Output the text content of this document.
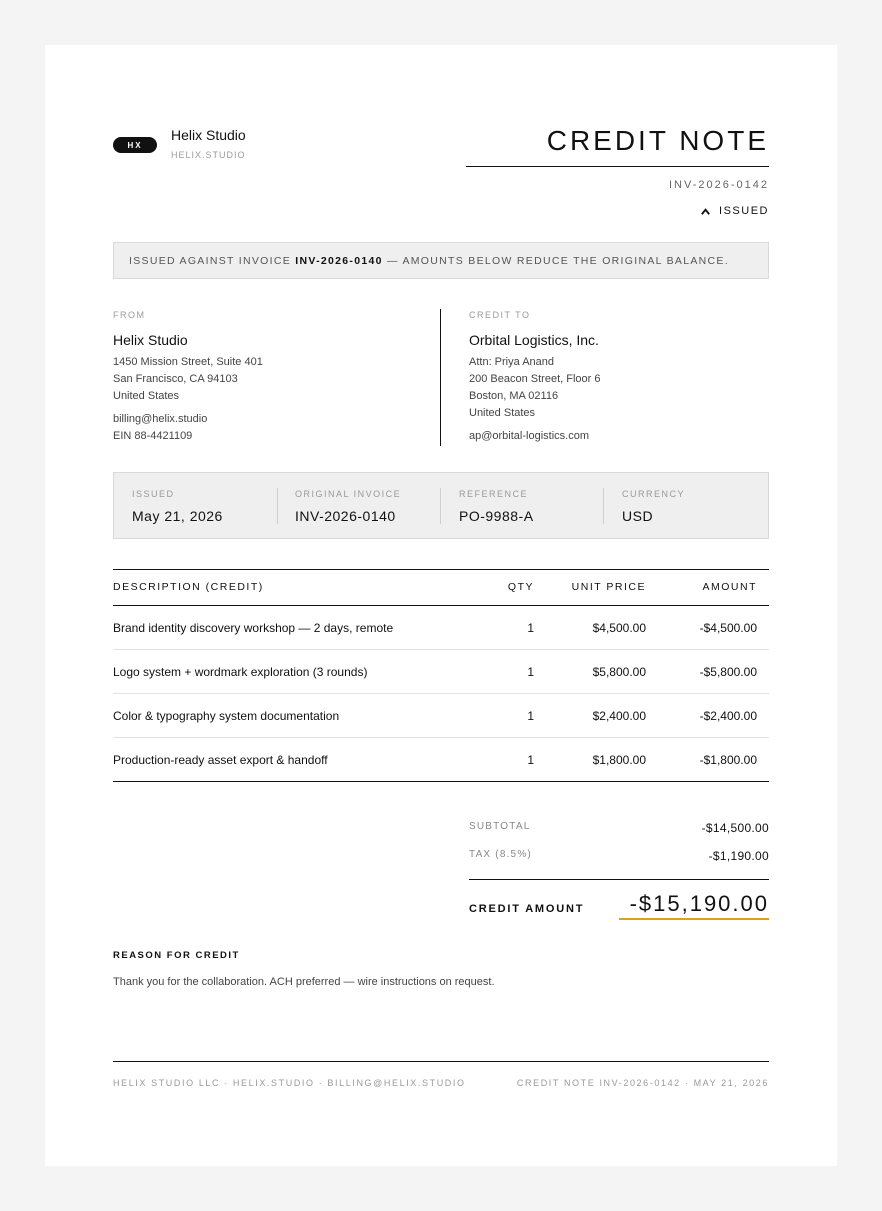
HX
Helix Studio
HELIX.STUDIO	CREDIT NOTE
INV-2026-0142
ISSUED
ISSUED AGAINST INVOICE INV-2026-0140 — AMOUNTS BELOW REDUCE THE ORIGINAL BALANCE.
FROM
Helix Studio
1450 Mission Street, Suite 401
San Francisco, CA 94103
United States
billing@helix.studio
EIN 88-4421109
CREDIT TO
Orbital Logistics, Inc.
Attn: Priya Anand
200 Beacon Street, Floor 6
Boston, MA 02116
United States
ap@orbital-logistics.com
ISSUED
May 21, 2026
ORIGINAL INVOICE
INV-2026-0140
REFERENCE
PO-9988-A
CURRENCY
USD
DESCRIPTION (CREDIT)	QTY	UNIT PRICE	AMOUNT
Brand identity discovery workshop — 2 days, remote	1	$4,500.00	-$4,500.00
Logo system + wordmark exploration (3 rounds)	1	$5,800.00	-$5,800.00
Color & typography system documentation	1	$2,400.00	-$2,400.00
Production-ready asset export & handoff	1	$1,800.00	-$1,800.00
SUBTOTAL	-$14,500.00
TAX (8.5%)	-$1,190.00
CREDIT AMOUNT -$15,190.00
REASON FOR CREDIT
Thank you for the collaboration. ACH preferred — wire instructions on request.
HELIX STUDIO LLC · HELIX.STUDIO · BILLING@HELIX.STUDIO	CREDIT NOTE INV-2026-0142 · MAY 21, 2026
